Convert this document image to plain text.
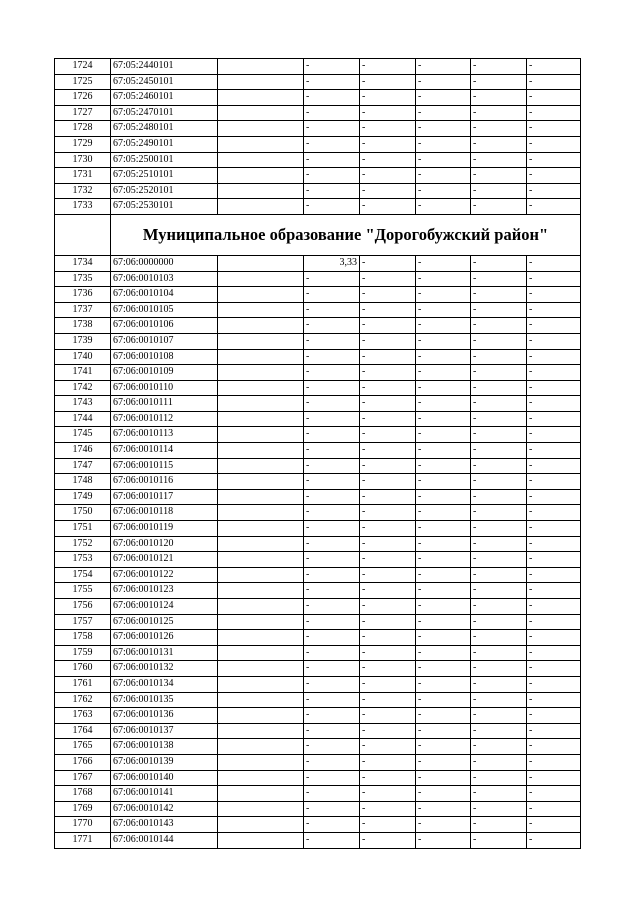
1724	67:05:2440101		-	-	-	-	-
1725	67:05:2450101		-	-	-	-	-
1726	67:05:2460101		-	-	-	-	-
1727	67:05:2470101		-	-	-	-	-
1728	67:05:2480101		-	-	-	-	-
1729	67:05:2490101		-	-	-	-	-
1730	67:05:2500101		-	-	-	-	-
1731	67:05:2510101		-	-	-	-	-
1732	67:05:2520101		-	-	-	-	-
1733	67:05:2530101		-	-	-	-	-
	Муниципальное образование "Дорогобужский район"						
1734	67:06:0000000		3,33	-	-	-	-
1735	67:06:0010103		-	-	-	-	-
1736	67:06:0010104		-	-	-	-	-
1737	67:06:0010105		-	-	-	-	-
1738	67:06:0010106		-	-	-	-	-
1739	67:06:0010107		-	-	-	-	-
1740	67:06:0010108		-	-	-	-	-
1741	67:06:0010109		-	-	-	-	-
1742	67:06:0010110		-	-	-	-	-
1743	67:06:0010111		-	-	-	-	-
1744	67:06:0010112		-	-	-	-	-
1745	67:06:0010113		-	-	-	-	-
1746	67:06:0010114		-	-	-	-	-
1747	67:06:0010115		-	-	-	-	-
1748	67:06:0010116		-	-	-	-	-
1749	67:06:0010117		-	-	-	-	-
1750	67:06:0010118		-	-	-	-	-
1751	67:06:0010119		-	-	-	-	-
1752	67:06:0010120		-	-	-	-	-
1753	67:06:0010121		-	-	-	-	-
1754	67:06:0010122		-	-	-	-	-
1755	67:06:0010123		-	-	-	-	-
1756	67:06:0010124		-	-	-	-	-
1757	67:06:0010125		-	-	-	-	-
1758	67:06:0010126		-	-	-	-	-
1759	67:06:0010131		-	-	-	-	-
1760	67:06:0010132		-	-	-	-	-
1761	67:06:0010134		-	-	-	-	-
1762	67:06:0010135		-	-	-	-	-
1763	67:06:0010136		-	-	-	-	-
1764	67:06:0010137		-	-	-	-	-
1765	67:06:0010138		-	-	-	-	-
1766	67:06:0010139		-	-	-	-	-
1767	67:06:0010140		-	-	-	-	-
1768	67:06:0010141		-	-	-	-	-
1769	67:06:0010142		-	-	-	-	-
1770	67:06:0010143		-	-	-	-	-
1771	67:06:0010144		-	-	-	-	-
